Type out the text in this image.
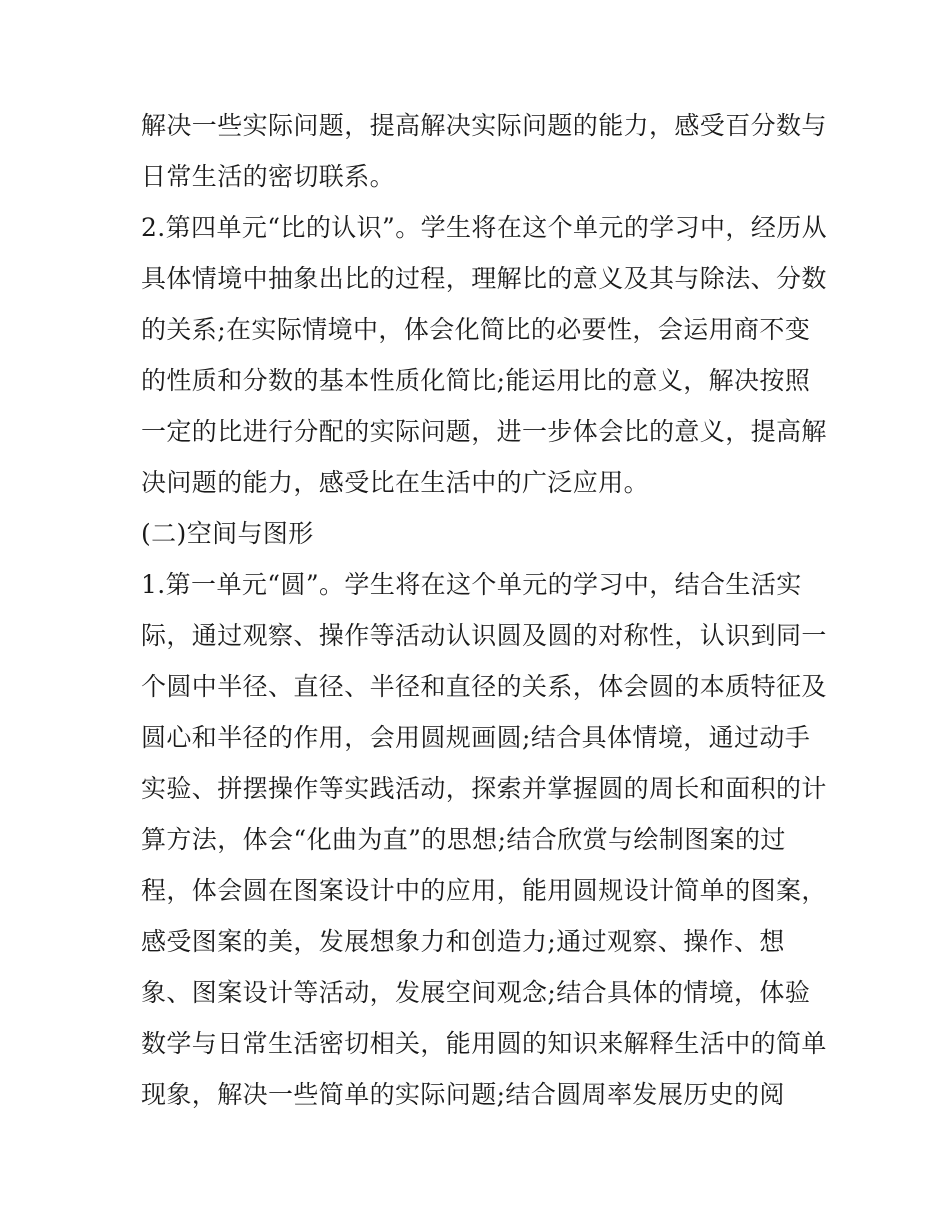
解决一些实际问题，提高解决实际问题的能力，感受百分数与
日常生活的密切联系。
2.第四单元“比的认识”。学生将在这个单元的学习中，经历从
具体情境中抽象出比的过程，理解比的意义及其与除法、分数
的关系;在实际情境中，体会化简比的必要性，会运用商不变
的性质和分数的基本性质化简比;能运用比的意义，解决按照
一定的比进行分配的实际问题，进一步体会比的意义，提高解
决问题的能力，感受比在生活中的广泛应用。
(二)空间与图形
1.第一单元“圆”。学生将在这个单元的学习中，结合生活实
际，通过观察、操作等活动认识圆及圆的对称性，认识到同一
个圆中半径、直径、半径和直径的关系，体会圆的本质特征及
圆心和半径的作用，会用圆规画圆;结合具体情境，通过动手
实验、拼摆操作等实践活动，探索并掌握圆的周长和面积的计
算方法，体会“化曲为直”的思想;结合欣赏与绘制图案的过
程，体会圆在图案设计中的应用，能用圆规设计简单的图案，
感受图案的美，发展想象力和创造力;通过观察、操作、想
象、图案设计等活动，发展空间观念;结合具体的情境，体验
数学与日常生活密切相关，能用圆的知识来解释生活中的简单
现象，解决一些简单的实际问题;结合圆周率发展历史的阅
